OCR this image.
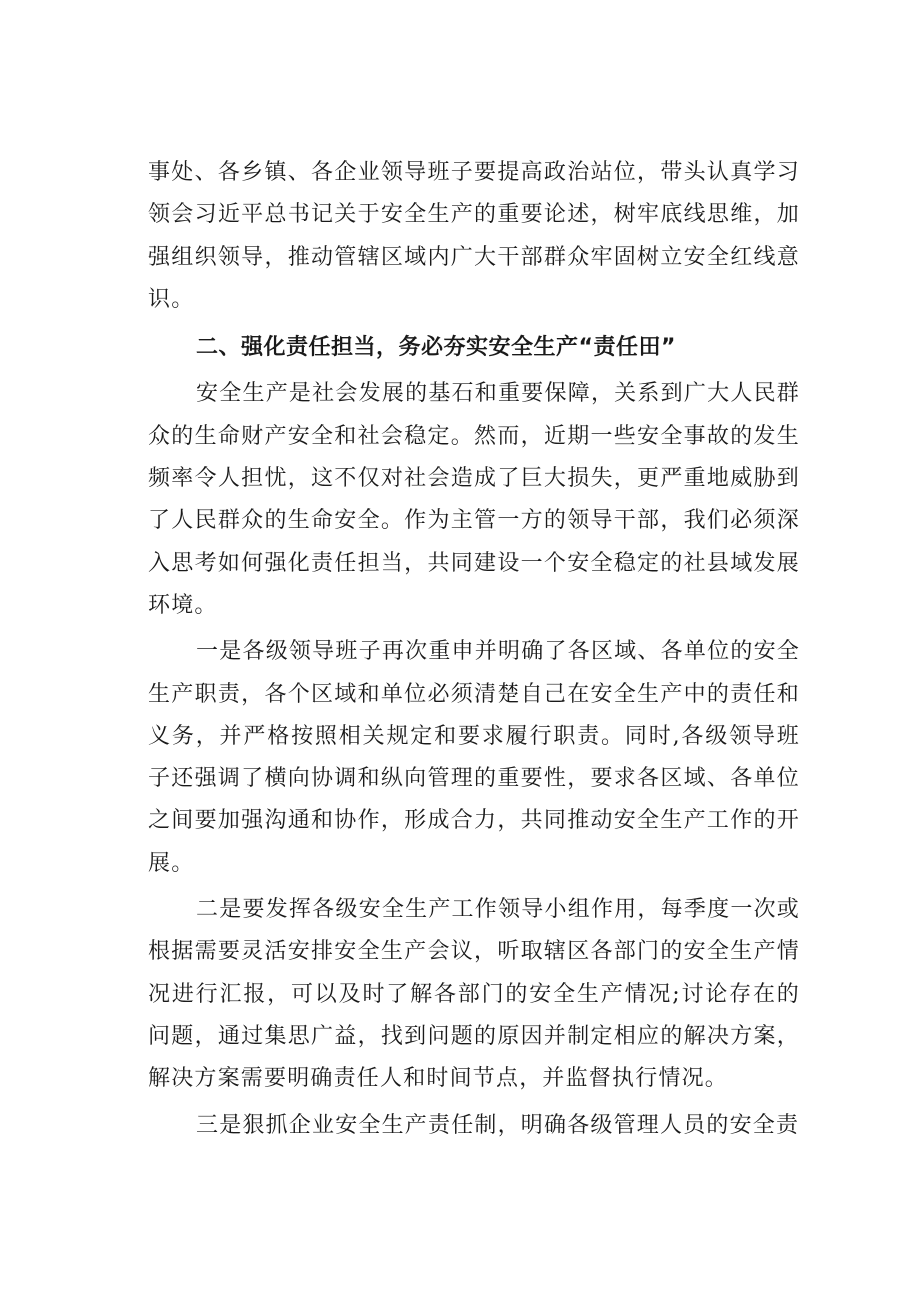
事处、各乡镇、各企业领导班子要提高政治站位，带头认真学习领会习近平总书记关于安全生产的重要论述，树牢底线思维，加强组织领导，推动管辖区域内广大干部群众牢固树立安全红线意识。

二、强化责任担当，务必夯实安全生产“责任田”

安全生产是社会发展的基石和重要保障，关系到广大人民群众的生命财产安全和社会稳定。然而，近期一些安全事故的发生频率令人担忧，这不仅对社会造成了巨大损失，更严重地威胁到了人民群众的生命安全。作为主管一方的领导干部，我们必须深入思考如何强化责任担当，共同建设一个安全稳定的社县域发展环境。

一是各级领导班子再次重申并明确了各区域、各单位的安全生产职责，各个区域和单位必须清楚自己在安全生产中的责任和义务，并严格按照相关规定和要求履行职责。同时,各级领导班子还强调了横向协调和纵向管理的重要性，要求各区域、各单位之间要加强沟通和协作，形成合力，共同推动安全生产工作的开展。

二是要发挥各级安全生产工作领导小组作用，每季度一次或根据需要灵活安排安全生产会议，听取辖区各部门的安全生产情况进行汇报，可以及时了解各部门的安全生产情况;讨论存在的问题，通过集思广益，找到问题的原因并制定相应的解决方案，解决方案需要明确责任人和时间节点，并监督执行情况。

三是狠抓企业安全生产责任制，明确各级管理人员的安全责
